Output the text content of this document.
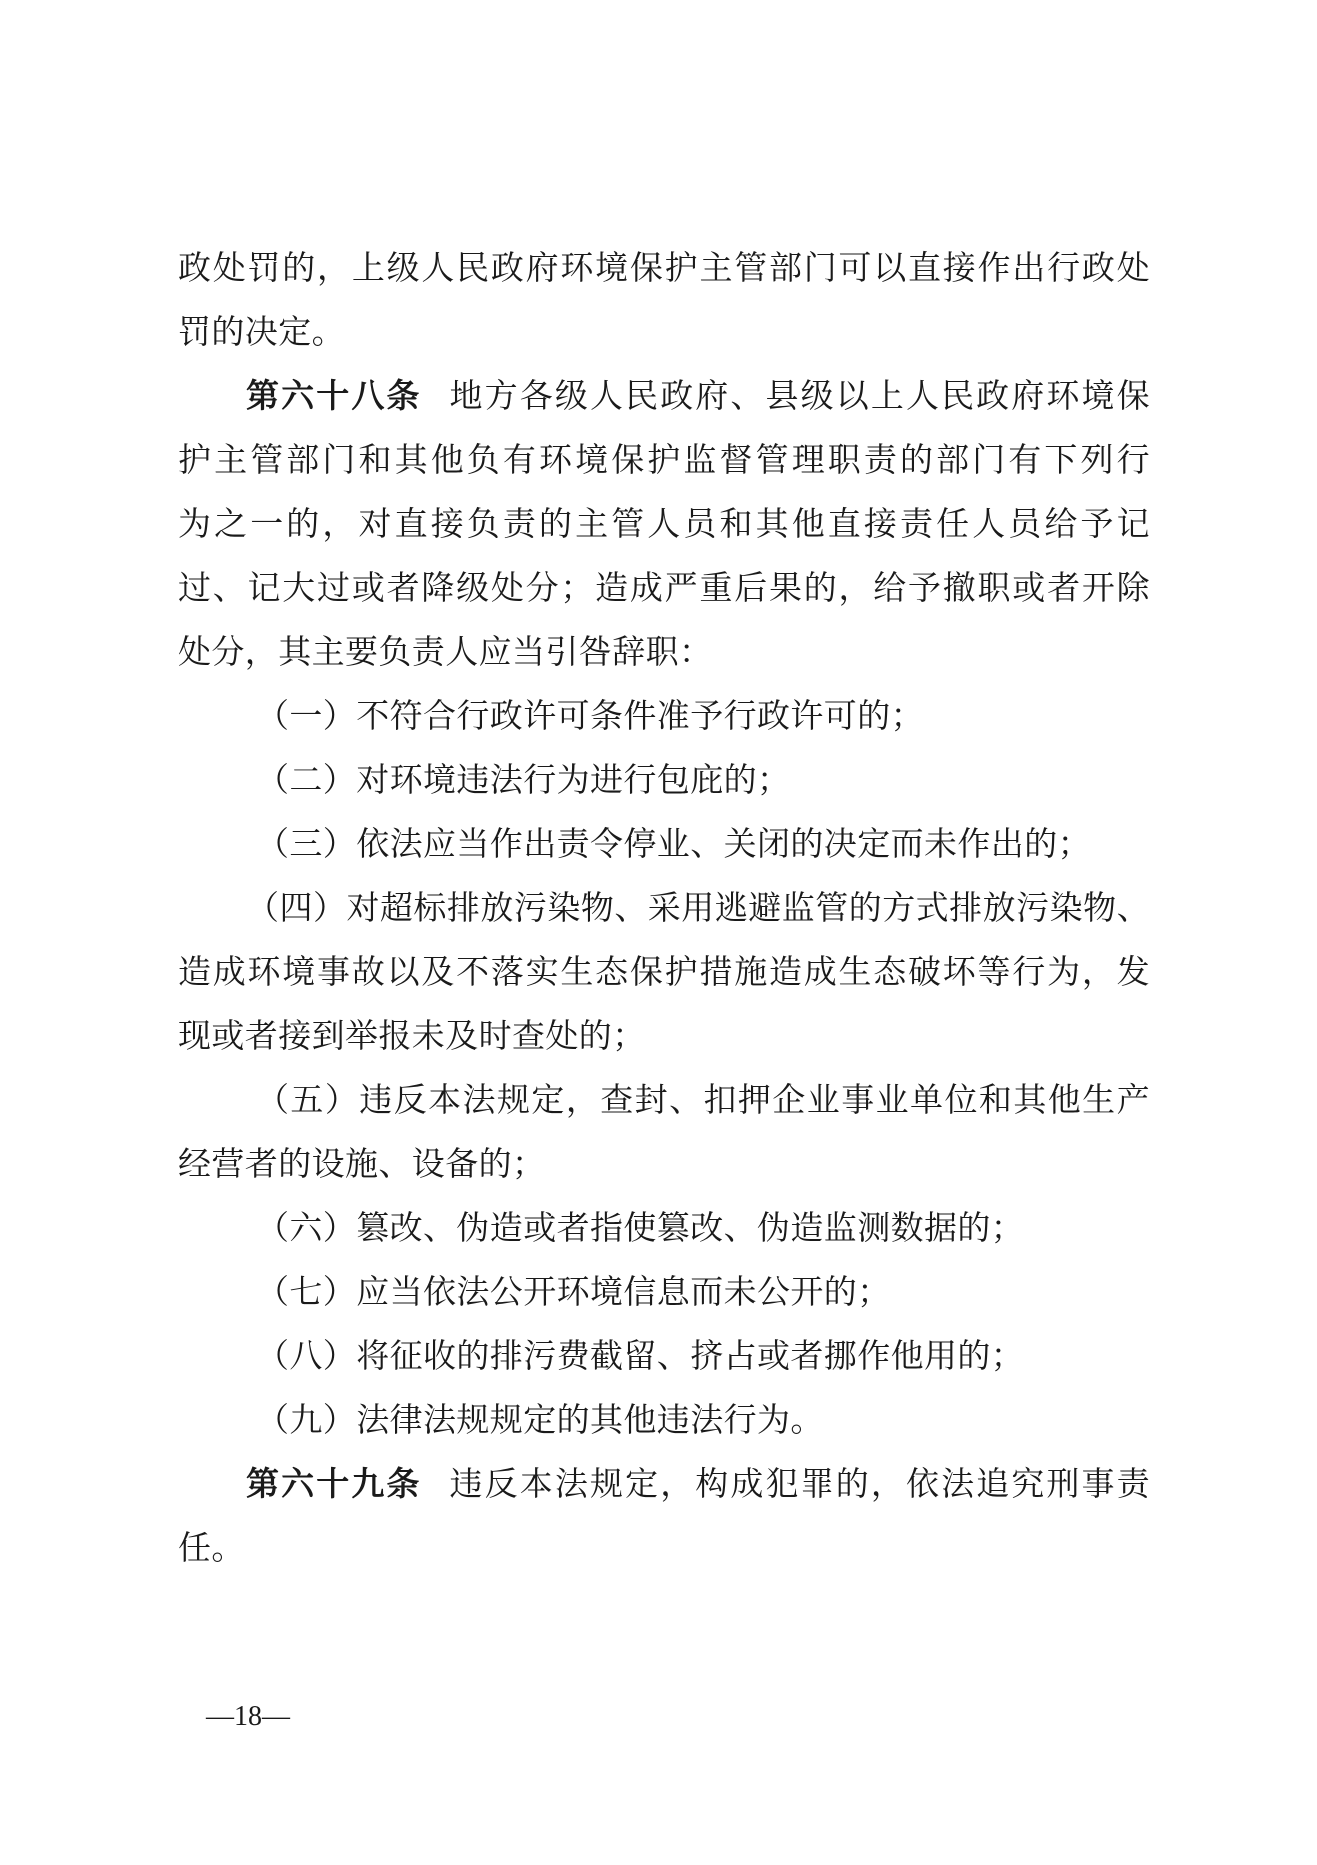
政处罚的，上级人民政府环境保护主管部门可以直接作出行政处
罚的决定。
第六十八条 地方各级人民政府、县级以上人民政府环境保
护主管部门和其他负有环境保护监督管理职责的部门有下列行
为之一的，对直接负责的主管人员和其他直接责任人员给予记
过、记大过或者降级处分；造成严重后果的，给予撤职或者开除
处分，其主要负责人应当引咎辞职：
（一）不符合行政许可条件准予行政许可的；
（二）对环境违法行为进行包庇的；
（三）依法应当作出责令停业、关闭的决定而未作出的；
（四）对超标排放污染物、采用逃避监管的方式排放污染物、
造成环境事故以及不落实生态保护措施造成生态破坏等行为，发
现或者接到举报未及时查处的；
（五）违反本法规定，查封、扣押企业事业单位和其他生产
经营者的设施、设备的；
（六）篡改、伪造或者指使篡改、伪造监测数据的；
（七）应当依法公开环境信息而未公开的；
（八）将征收的排污费截留、挤占或者挪作他用的；
（九）法律法规规定的其他违法行为。
第六十九条 违反本法规定，构成犯罪的，依法追究刑事责
任。
—18—
